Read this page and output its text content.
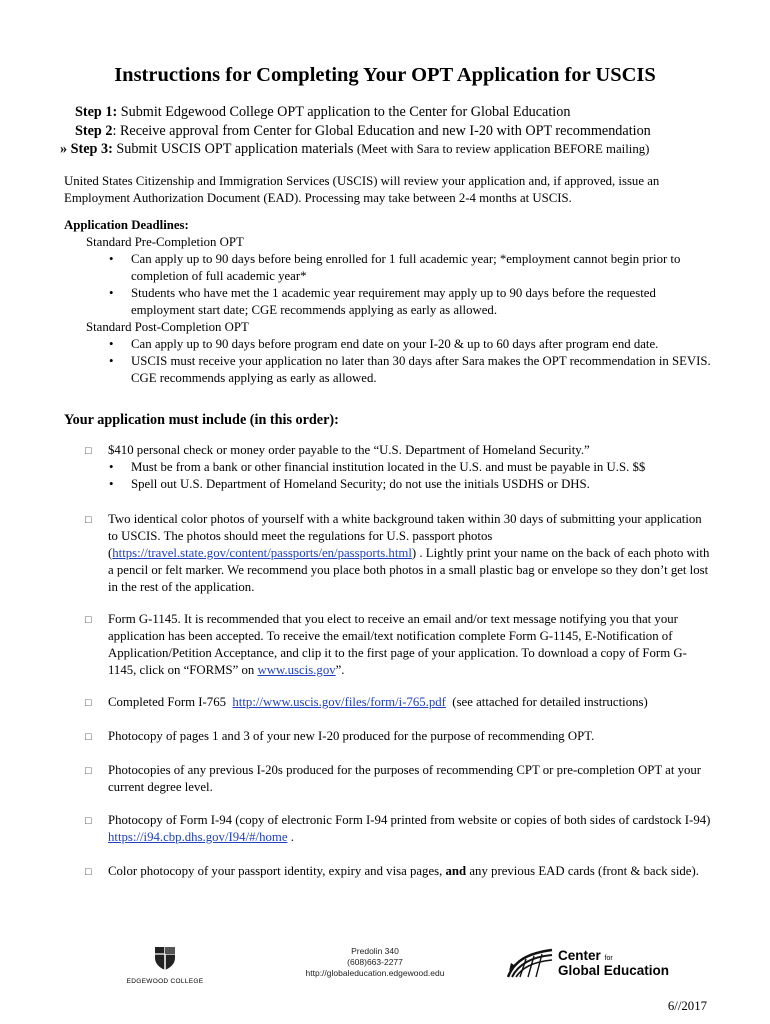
Instructions for Completing Your OPT Application for USCIS
Step 1: Submit Edgewood College OPT application to the Center for Global Education
Step 2: Receive approval from Center for Global Education and new I-20 with OPT recommendation
» Step 3: Submit USCIS OPT application materials (Meet with Sara to review application BEFORE mailing)
United States Citizenship and Immigration Services (USCIS) will review your application and, if approved, issue an Employment Authorization Document (EAD). Processing may take between 2-4 months at USCIS.
Application Deadlines:
Standard Pre-Completion OPT
• Can apply up to 90 days before being enrolled for 1 full academic year; *employment cannot begin prior to completion of full academic year*
• Students who have met the 1 academic year requirement may apply up to 90 days before the requested employment start date; CGE recommends applying as early as allowed.
Standard Post-Completion OPT
• Can apply up to 90 days before program end date on your I-20 & up to 60 days after program end date.
• USCIS must receive your application no later than 30 days after Sara makes the OPT recommendation in SEVIS. CGE recommends applying as early as allowed.
Your application must include (in this order):
□ $410 personal check or money order payable to the “U.S. Department of Homeland Security.”
• Must be from a bank or other financial institution located in the U.S. and must be payable in U.S. $$
• Spell out U.S. Department of Homeland Security; do not use the initials USDHS or DHS.
□ Two identical color photos of yourself with a white background taken within 30 days of submitting your application to USCIS. The photos should meet the regulations for U.S. passport photos (https://travel.state.gov/content/passports/en/passports.html) . Lightly print your name on the back of each photo with a pencil or felt marker. We recommend you place both photos in a small plastic bag or envelope so they don’t get lost in the rest of the application.
□ Form G-1145. It is recommended that you elect to receive an email and/or text message notifying you that your application has been accepted. To receive the email/text notification complete Form G-1145, E-Notification of Application/Petition Acceptance, and clip it to the first page of your application. To download a copy of Form G-1145, click on “FORMS” on www.uscis.gov”.
□ Completed Form I-765  http://www.uscis.gov/files/form/i-765.pdf  (see attached for detailed instructions)
□ Photocopy of pages 1 and 3 of your new I-20 produced for the purpose of recommending OPT.
□ Photocopies of any previous I-20s produced for the purposes of recommending CPT or pre-completion OPT at your current degree level.
□ Photocopy of Form I-94 (copy of electronic Form I-94 printed from website or copies of both sides of cardstock I-94) https://i94.cbp.dhs.gov/I94/#/home .
□ Color photocopy of your passport identity, expiry and visa pages, and any previous EAD cards (front & back side).
EDGEWOOD COLLEGE
Predolin 340
(608)663-2277
http://globaleducation.edgewood.edu
Center for
Global Education
6//2017
